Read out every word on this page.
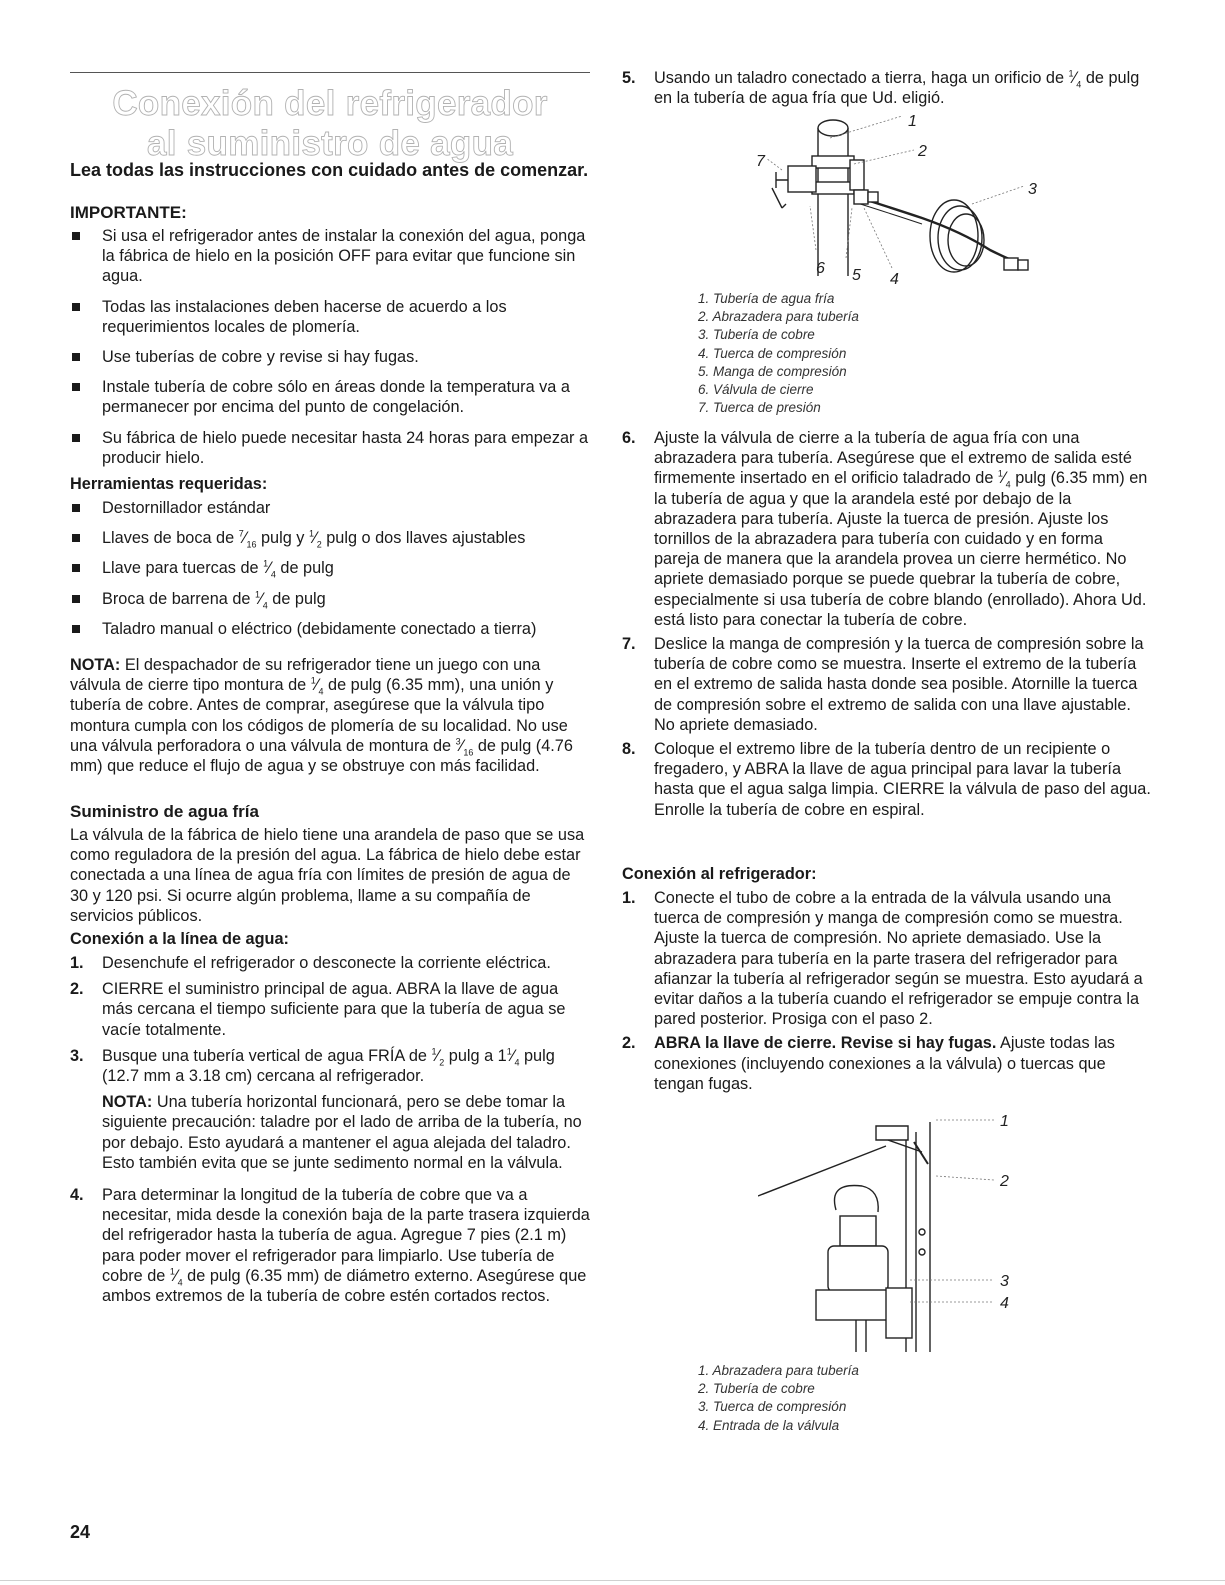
Conexión del refrigerador
al suministro de agua
Lea todas las instrucciones con cuidado antes de comenzar.
IMPORTANTE:
Si usa el refrigerador antes de instalar la conexión del agua, ponga la fábrica de hielo en la posición OFF para evitar que funcione sin agua.
Todas las instalaciones deben hacerse de acuerdo a los requerimientos locales de plomería.
Use tuberías de cobre y revise si hay fugas.
Instale tubería de cobre sólo en áreas donde la temperatura va a permanecer por encima del punto de congelación.
Su fábrica de hielo puede necesitar hasta 24 horas para empezar a producir hielo.
Herramientas requeridas:
Destornillador estándar
Llaves de boca de $^7⁄_{16}$ pulg y $^1⁄_2$ pulg o dos llaves ajustables
Llave para tuercas de $^1⁄_4$ de pulg
Broca de barrena de $^1⁄_4$ de pulg
Taladro manual o eléctrico (debidamente conectado a tierra)

NOTA: El despachador de su refrigerador tiene un juego con una válvula de cierre tipo montura de $^1⁄_4$ de pulg (6.35 mm), una unión y tubería de cobre. Antes de comprar, asegúrese que la válvula tipo montura cumpla con los códigos de plomería de su localidad. No use una válvula perforadora o una válvula de montura de $^3⁄_{16}$ de pulg (4.76 mm) que reduce el flujo de agua y se obstruye con más facilidad.

Suministro de agua fría

La válvula de la fábrica de hielo tiene una arandela de paso que se usa como reguladora de la presión del agua. La fábrica de hielo debe estar conectada a una línea de agua fría con límites de presión de agua de 30 y 120 psi. Si ocurre algún problema, llame a su compañía de servicios públicos.

Conexión a la línea de agua:
1. Desenchufe el refrigerador o desconecte la corriente eléctrica.
2. CIERRE el suministro principal de agua. ABRA la llave de agua más cercana el tiempo suficiente para que la tubería de agua se vacíe totalmente.
3. Busque una tubería vertical de agua FRÍA de $^1⁄_2$ pulg a $1^1⁄_4$ pulg (12.7 mm a 3.18 cm) cercana al refrigerador.

NOTA: Una tubería horizontal funcionará, pero se debe tomar la siguiente precaución: taladre por el lado de arriba de la tubería, no por debajo. Esto ayudará a mantener el agua alejada del taladro. Esto también evita que se junte sedimento normal en la válvula.

4. Para determinar la longitud de la tubería de cobre que va a necesitar, mida desde la conexión baja de la parte trasera izquierda del refrigerador hasta la tubería de agua. Agregue 7 pies (2.1 m) para poder mover el refrigerador para limpiarlo. Use tubería de cobre de $^1⁄_4$ de pulg (6.35 mm) de diámetro externo. Asegúrese que ambos extremos de la tubería de cobre estén cortados rectos.
5. Usando un taladro conectado a tierra, haga un orificio de $^1⁄_4$ de pulg en la tubería de agua fría que Ud. eligió.
1
2
3
4
5
6
7
1. Tubería de agua fría
2. Abrazadera para tubería
3. Tubería de cobre
4. Tuerca de compresión
5. Manga de compresión
6. Válvula de cierre
7. Tuerca de presión
6. Ajuste la válvula de cierre a la tubería de agua fría con una abrazadera para tubería. Asegúrese que el extremo de salida esté firmemente insertado en el orificio taladrado de $^1⁄_4$ pulg (6.35 mm) en la tubería de agua y que la arandela esté por debajo de la abrazadera para tubería. Ajuste la tuerca de presión. Ajuste los tornillos de la abrazadera para tubería con cuidado y en forma pareja de manera que la arandela provea un cierre hermético. No apriete demasiado porque se puede quebrar la tubería de cobre, especialmente si usa tubería de cobre blando (enrollado). Ahora Ud. está listo para conectar la tubería de cobre.
7. Deslice la manga de compresión y la tuerca de compresión sobre la tubería de cobre como se muestra. Inserte el extremo de la tubería en el extremo de salida hasta donde sea posible. Atornille la tuerca de compresión sobre el extremo de salida con una llave ajustable. No apriete demasiado.
8. Coloque el extremo libre de la tubería dentro de un recipiente o fregadero, y ABRA la llave de agua principal para lavar la tubería hasta que el agua salga limpia. CIERRE la válvula de paso del agua. Enrolle la tubería de cobre en espiral.
Conexión al refrigerador:
1. Conecte el tubo de cobre a la entrada de la válvula usando una tuerca de compresión y manga de compresión como se muestra. Ajuste la tuerca de compresión. No apriete demasiado. Use la abrazadera para tubería en la parte trasera del refrigerador para afianzar la tubería al refrigerador según se muestra. Esto ayudará a evitar daños a la tubería cuando el refrigerador se empuje contra la pared posterior. Prosiga con el paso 2.
2. ABRA la llave de cierre. Revise si hay fugas. Ajuste todas las conexiones (incluyendo conexiones a la válvula) o tuercas que tengan fugas.
1
2
3
4
1. Abrazadera para tubería
2. Tubería de cobre
3. Tuerca de compresión
4. Entrada de la válvula
24
